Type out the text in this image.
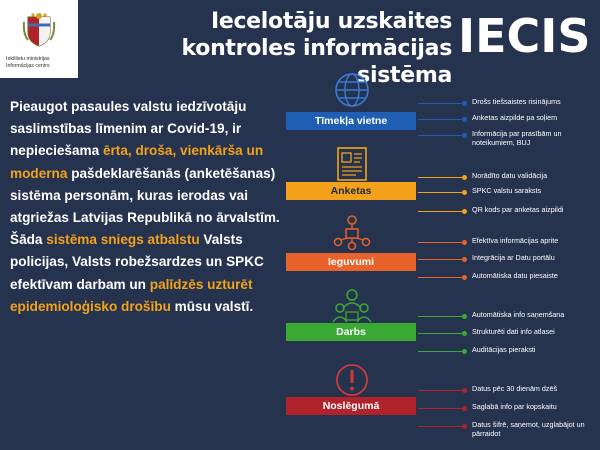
Iekšlietu ministrijas Informācijas centrs
Iecelotāju uzskaites
kontroles informācijas sistēma
IECIS

Pieaugot pasaules valstu iedzīvotāju saslimstības līmenim ar Covid-19, ir nepieciešama ērta, droša, vienkārša un moderna pašdeklarēšanās (anketēšanas) sistēma personām, kuras ierodas vai atgriežas Latvijas Republikā no ārvalstīm.

Šāda sistēma sniegs atbalstu Valsts policijas, Valsts robežsardzes un SPKC efektīvam darbam un palīdzēs uzturēt epidemioloģisko drošību mūsu valstī.

Tīmekļa vietne
Drošs tiešsaistes risinājums
Anketas aizpilde pa soļiem
Informācija par prasībām un noteikumiem, BUJ
Anketas
Norādīto datu validācija
SPKC valstu saraksts
QR kods par anketas aizpildi
Ieguvumi
Efektīva informācijas aprite
Integrācija ar Datu portālu
Automātiska datu piesaiste
Darbs
Automātiska info saņemšana
Strukturēti dati info atlasei
Auditācijas pieraksti
Noslēgumā
Datus pēc 30 dienām dzēš
Saglabā info par kopskaitu
Datus šifrē, saņemot, uzglabājot un pārraidot
